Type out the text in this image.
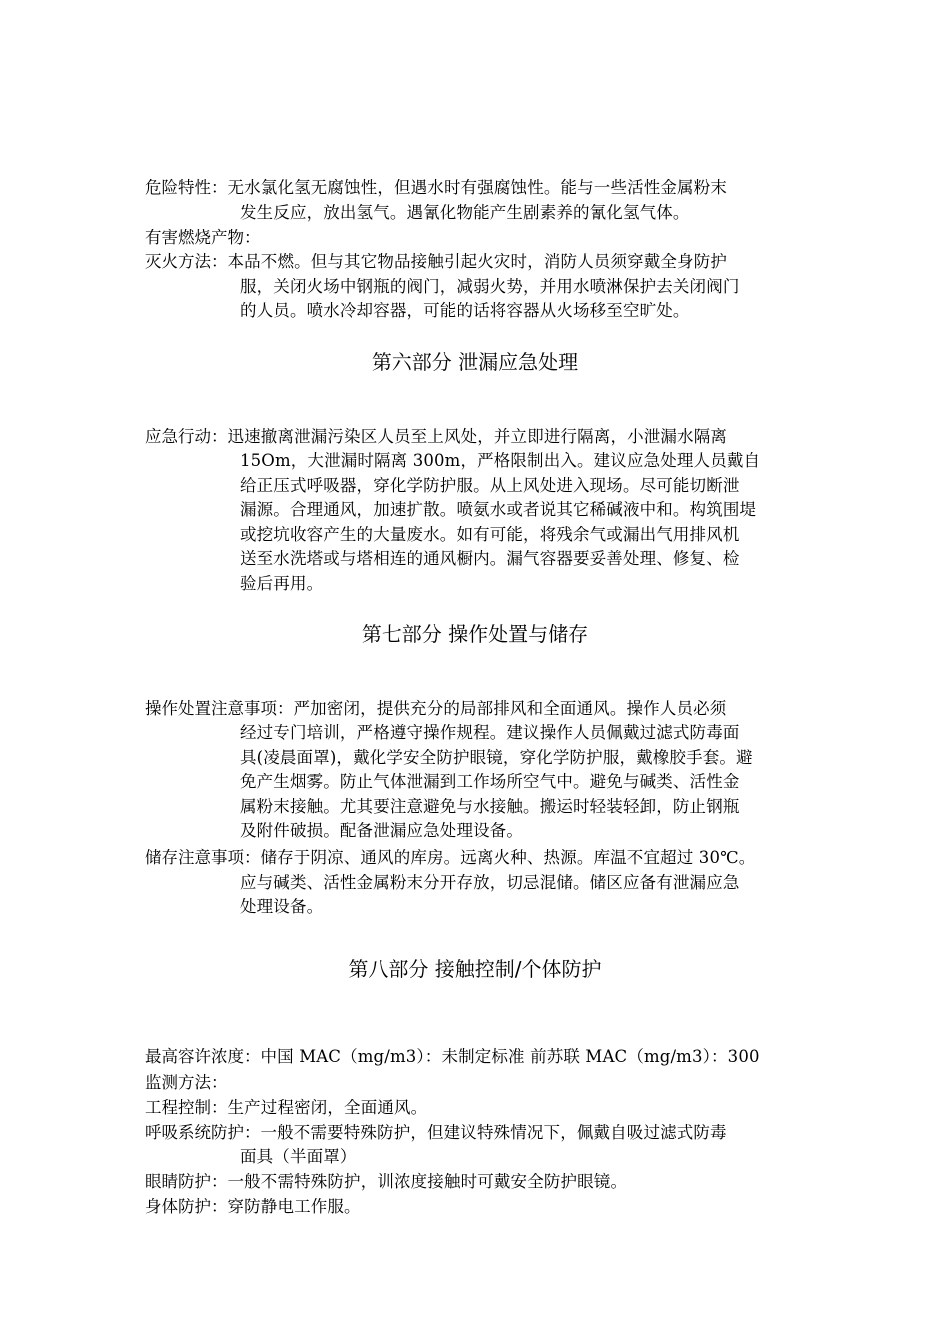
危险特性：无水氯化氢无腐蚀性，但遇水时有强腐蚀性。能与一些活性金属粉末
发生反应，放出氢气。遇氰化物能产生剧素养的氰化氢气体。
有害燃烧产物：
灭火方法：本品不燃。但与其它物品接触引起火灾时，消防人员须穿戴全身防护
服，关闭火场中钢瓶的阀门，减弱火势，并用水喷淋保护去关闭阀门
的人员。喷水冷却容器，可能的话将容器从火场移至空旷处。
第六部分 泄漏应急处理
应急行动：迅速撤离泄漏污染区人员至上风处，并立即进行隔离，小泄漏水隔离
15Om，大泄漏时隔离 300m，严格限制出入。建议应急处理人员戴自
给正压式呼吸器，穿化学防护服。从上风处进入现场。尽可能切断泄
漏源。合理通风，加速扩散。喷氨水或者说其它稀碱液中和。构筑围堤
或挖坑收容产生的大量废水。如有可能，将残余气或漏出气用排风机
送至水洗塔或与塔相连的通风橱内。漏气容器要妥善处理、修复、检
验后再用。
第七部分 操作处置与储存
操作处置注意事项：严加密闭，提供充分的局部排风和全面通风。操作人员必须
经过专门培训，严格遵守操作规程。建议操作人员佩戴过滤式防毒面
具(凌晨面罩)，戴化学安全防护眼镜，穿化学防护服，戴橡胶手套。避
免产生烟雾。防止气体泄漏到工作场所空气中。避免与碱类、活性金
属粉末接触。尤其要注意避免与水接触。搬运时轻装轻卸，防止钢瓶
及附件破损。配备泄漏应急处理设备。
储存注意事项：储存于阴凉、通风的库房。远离火种、热源。库温不宜超过 30℃。
应与碱类、活性金属粉末分开存放，切忌混储。储区应备有泄漏应急
处理设备。
第八部分 接触控制/个体防护
最高容许浓度：中国 MAC（mg/m3）：未制定标准 前苏联 MAC（mg/m3）：300
监测方法：
工程控制：生产过程密闭，全面通风。
呼吸系统防护：一般不需要特殊防护，但建议特殊情况下，佩戴自吸过滤式防毒
面具（半面罩）
眼睛防护：一般不需特殊防护，训浓度接触时可戴安全防护眼镜。
身体防护：穿防静电工作服。
